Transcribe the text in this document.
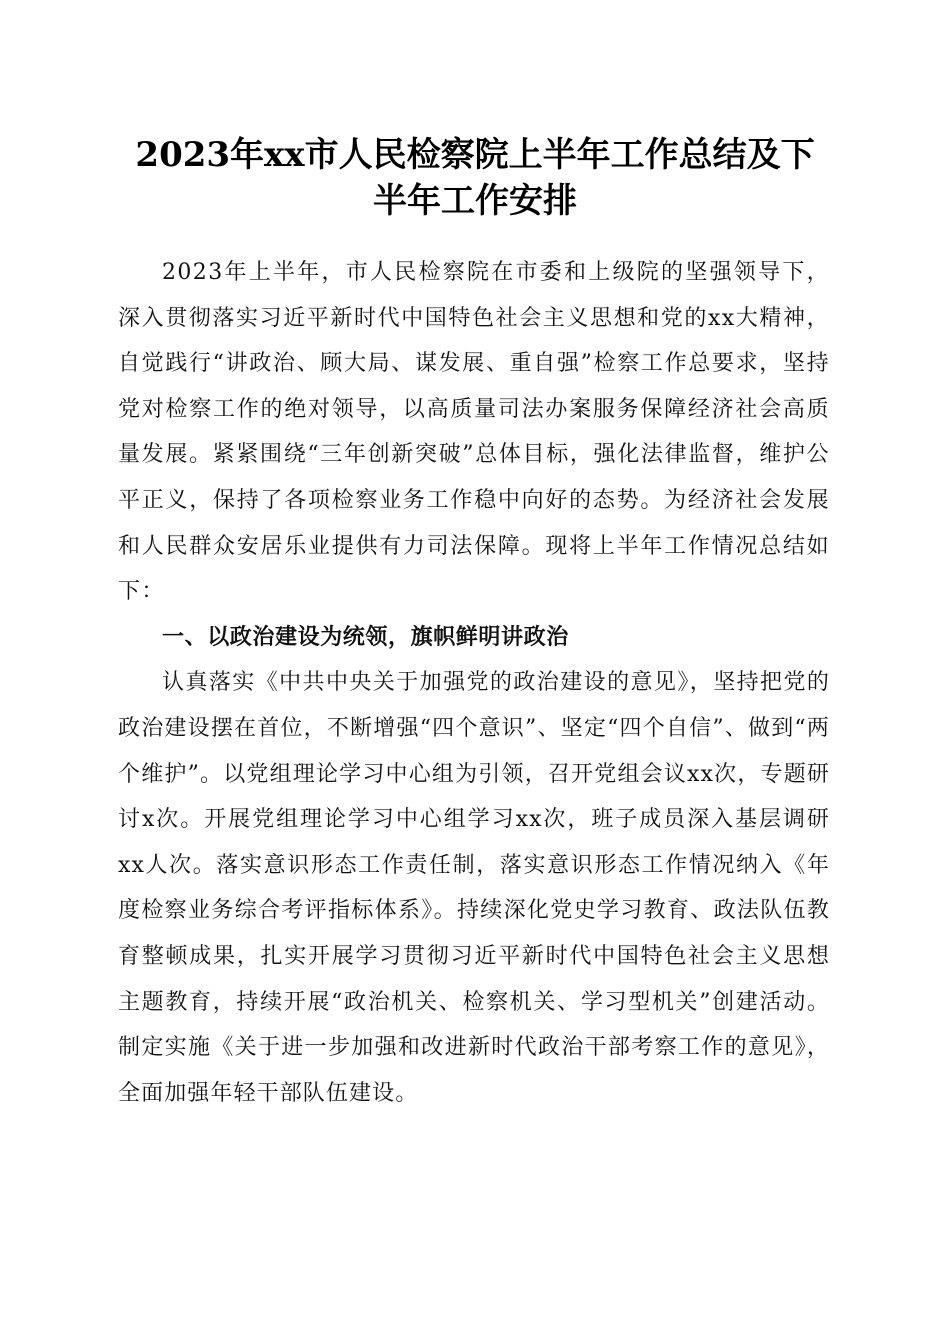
2023年xx市人民检察院上半年工作总结及下
半年工作安排

2023年上半年，市人民检察院在市委和上级院的坚强领导下，深入贯彻落实习近平新时代中国特色社会主义思想和党的xx大精神，自觉践行“讲政治、顾大局、谋发展、重自强”检察工作总要求，坚持党对检察工作的绝对领导，以高质量司法办案服务保障经济社会高质量发展。紧紧围绕“三年创新突破”总体目标，强化法律监督，维护公平正义，保持了各项检察业务工作稳中向好的态势。为经济社会发展和人民群众安居乐业提供有力司法保障。现将上半年工作情况总结如下：

一、以政治建设为统领，旗帜鲜明讲政治

认真落实《中共中央关于加强党的政治建设的意见》，坚持把党的政治建设摆在首位，不断增强“四个意识”、坚定“四个自信”、做到“两个维护”。以党组理论学习中心组为引领，召开党组会议xx次，专题研讨x次。开展党组理论学习中心组学习xx次，班子成员深入基层调研xx人次。落实意识形态工作责任制，落实意识形态工作情况纳入《年度检察业务综合考评指标体系》。持续深化党史学习教育、政法队伍教育整顿成果，扎实开展学习贯彻习近平新时代中国特色社会主义思想主题教育，持续开展“政治机关、检察机关、学习型机关”创建活动。制定实施《关于进一步加强和改进新时代政治干部考察工作的意见》，全面加强年轻干部队伍建设。
